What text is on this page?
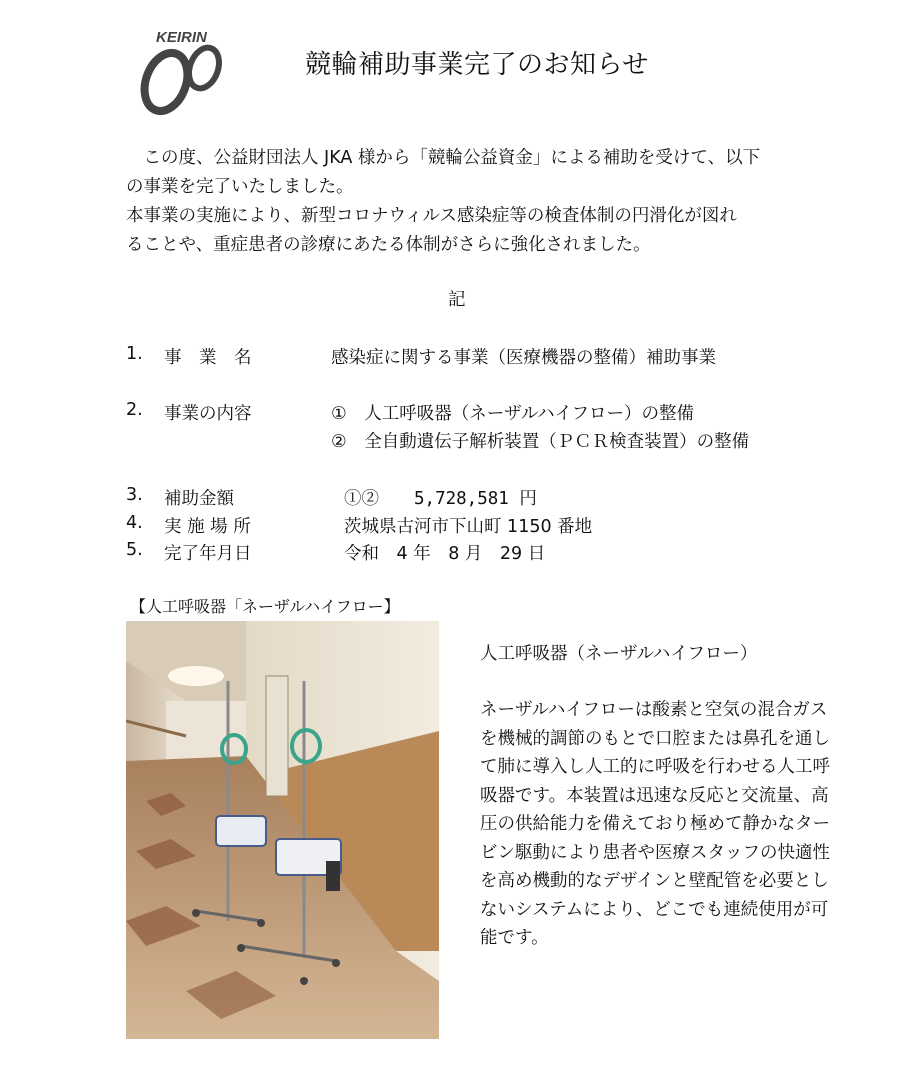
KEIRIN
競輪補助事業完了のお知らせ
　この度、公益財団法人 JKA 様から「競輪公益資金」による補助を受けて、以下
の事業を完了いたしました。
本事業の実施により、新型コロナウィルス感染症等の検査体制の円滑化が図れ
ることや、重症患者の診療にあたる体制がさらに強化されました。
記
1. 事　業　名	感染症に関する事業（医療機器の整備）補助事業
2. 事業の内容	①　人工呼吸器（ネーザルハイフロー）の整備
②　全自動遺伝子解析装置（ＰＣＲ検査装置）の整備
3. 補助金額	①②　　5,728,581 円
4. 実 施 場 所	茨城県古河市下山町 1150 番地
5. 完了年月日	令和　4 年　8 月　29 日
【人工呼吸器「ネーザルハイフロー】
人工呼吸器（ネーザルハイフロー）
ネーザルハイフローは酸素と空気の混合ガス
を機械的調節のもとで口腔または鼻孔を通し
て肺に導入し人工的に呼吸を行わせる人工呼
吸器です。本装置は迅速な反応と交流量、高
圧の供給能力を備えており極めて静かなター
ビン駆動により患者や医療スタッフの快適性
を高め機動的なデザインと壁配管を必要とし
ないシステムにより、どこでも連続使用が可
能です。
